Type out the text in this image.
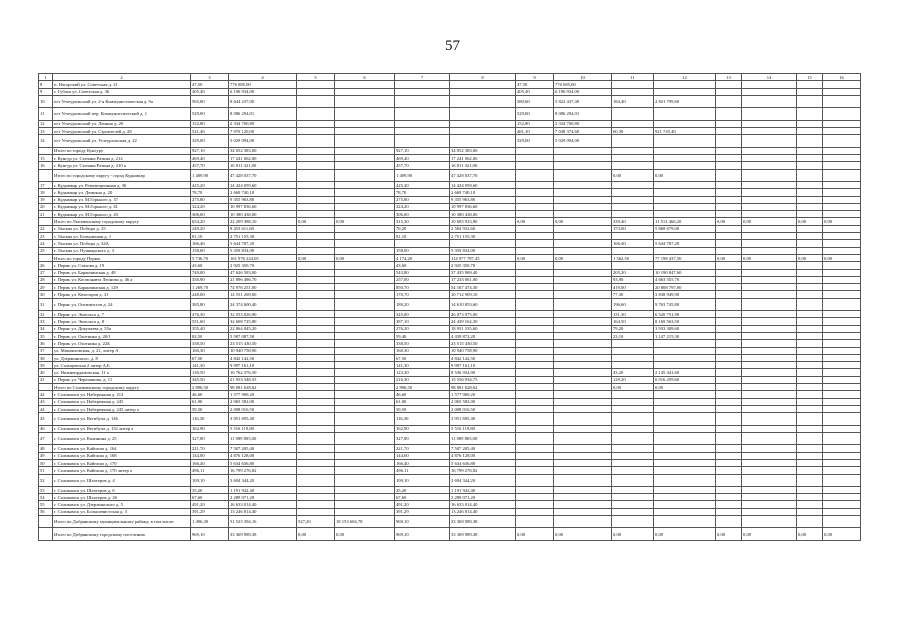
57
1	2	3	4	5	6	7	8	9	10	11	12	13	14	15	16
8	п. Нагорский ул. Советская д. 21	47,50	776 085,00					47,50	776 085,00						
9	г. Губаха ул. Советская д. 36	405,40	6 196 934,00					405,40	6 196 934,00						
10	пгт Углеуральский ул. 2-я Коммунистическая д. 9а	565,80	8 644 237,00					380,60	5 822 437,40	184,40	2 821 799,60				
11	пгт Углеуральский пер. Коммунистический д. 1	529,00	8 086 294,01					529,00	8 086 294,01						
12	пгт Углеуральский ул. Ленина д. 20	152,80	2 334 700,80					152,80	2 334 700,80						
13	пгт Углеуральский ул. Строителей д. 28	521,40	7 970 120,00					461,10	7 048 374,60	60,30	921 745,40				
14	пгт Углеуральский ул. Углеуральская д. 22	329,00	5 029 094,00					329,00	5 029 094,00						
	Итого по городу Кунгуру	927,10	34 052 383,00			927,10	34 052 383,00								
15	г. Кунгур ул. Степана Разина д. 212	469,40	17 241 062,00			469,40	17 241 062,00								
16	г. Кунгур ул. Степана Разина д. 210 а	457,70	16 811 321,00			457,70	16 811 321,00								
	Итого по городскому округу - город Кудымкар	1 409,90	47 428 037,70			1 409,90	47 428 037,70			0,00	0,00				
17	г. Кудымкар ул. Революционная д. 36	425,20	14 424 059,60			425,20	14 424 059,60								
18	г. Кудымкар ул. Демьяна д. 20	78,70	2 669 740,10			78,70	2 669 740,10								
19	г. Кудымкар ул. М.Горького д. 37	275,80	9 355 963,80			275,80	9 355 963,80								
20	г. Кудымкар ул. М.Горького д. 41	324,20	10 997 836,60			324,20	10 997 836,60								
21	г. Кудымкар ул. М.Горького д. 43	306,00	10 380 438,00			306,00	10 380 438,00								
	Итого по Лысьвенскому городскому округу	654,20	22 209 388,10	0,00	0,00	315,30	10 695 923,90	0,00	0,00	339,40	11 513 466,20	0,00	0,00	0,00	0,00
22	г. Лысьва ул. Победы д. 35	249,20	8 453 611,60			76,20	2 584 932,60			173,00	5 868 679,00				
23	г. Лысьва ул. Больничная д. 1	81,10	2 751 155,30			81,10	2 751 155,30								
24	г. Лысьва ул. Победы д. 34А	166,40	5 644 787,20							166,40	5 644 787,20				
25	г. Лысьва ул. Пушкарского д. 3	158,00	5 359 834,00			158,00	5 359 834,00								
	Итого по городу Перми	5 736,70	161 976 224,05	0,00	0,00	4 174,20	114 977 787,45	0,00	0,00	1 562,50	77 198 437,50	0,00	0,00	0,00	0,00
26	г. Пермь ул. Стахова д. 19	43,60	2 925 350,70			43,60	2 925 350,70								
27	г. Пермь ул. Баранчинская д. 48	749,00	47 626 583,00			543,80	37 435 969,40			205,20	10 190 847,60				
28	г. Пермь ул. Космонавта Леонова д. 46 а	350,90	21 896 486,70			257,00	17 233 061,00			93,90	4 663 355,70				
29	г. Пермь ул. Баранчинская д. 129	1 269,70	74 976 251,00			850,70	54 167 474,30			419,00	20 808 797,00				
30	г. Пермь ул. Кочегаров д. 31	248,00	14 551 269,00			170,70	10 712 909,10			77,30	3 838 949,90				
31	г. Пермь ул. Оптимистов д. 24	385,80	24 374 600,40			189,20	14 610 853,60			196,60	9 763 745,80				
32	г. Пермь ул. Энгельса д. 7	476,30	32 553 826,90			345,00	26 073 075,00			131,30	6 520 751,90				
33	г. Пермь ул. Энгельса д. 8	551,60	32 608 725,80			387,10	24 439 162,30			164,50	8 169 563,50				
34	г. Пермь ул. Докучаева д. 55а	355,40	22 864 845,20			276,20	18 931 535,60			79,20	3 933 309,60				
35	г. Пермь ул. Охотника д. 20/1	82,50	5 587 087,50			59,40	4 439 872,20			23,10	1 147 215,30				
36	г. Пермь ул. Охотника д. 22Б	338,50	23 515 430,50			338,50	23 515 430,50								
37	ул. Мамонтовская, д. 21, литер А	160,30	10 940 758,90			160,30	10 940 758,90								
38	ул. Дзержинского, д. 8	67,50	4 842 142,50			67,50	4 842 142,50								
39	ул. Солнцевская 2 литер А,Б	141,30	9 997 161,10			141,30	9 997 161,10								
40	ул. Нижнеирдамовская, 11 а	130,50	10 762 376,50			123,30	8 536 934,90			43,20	2 145 441,60				
41	г. Пермь ул. Черепанова, д. 11	345,50	21 953 348,55			216,30	15 556 934,75			129,20	6 016 459,60				
	Итого по Соликамскому городскому округу	2 896,50	98 081 628,62			2 896,50	98 081 628,62			0,00	0,00				
42	г. Соликамск ул. Набережная д. 212	46,60	1 577 969,20			46,60	1 577 969,20								
43	г. Соликамск ул. Набережная д. 245	61,00	2 065 582,00			61,00	2 065 582,00								
44	г. Соликамск ул. Набережная д. 245 литер а	59,50	2 008 016,50			59,50	2 008 016,50								
45	г. Соликамск ул. Вегибуча д. 146	116,30	3 951 695,40			116,30	3 951 695,40								
46	г. Соликамск ул. Вегибуча д. 152 литер а	162,90	5 516 119,80			162,90	5 516 119,80								
47	г. Соликамск ул. Калинина д. 25	327,80	11 089 805,00			327,80	11 089 805,00								
48	г. Соликамск ул. Кайгаша д. 164	221,70	7 507 205,40			221,70	7 507 205,40								
49	г. Соликамск ул. Кайгаша д. 168	144,00	4 876 128,00			144,00	4 876 128,00								
50	г. Соликамск ул. Кайгаша д. 170	166,40	5 634 636,80			166,40	5 634 636,80								
51	г. Соликамск ул. Кайгаша д. 170 литер а	496,11	16 799 276,82			496,11	16 799 276,82								
52	г. Соликамск ул. Шахтеров д. 4	109,10	3 694 344,20			109,10	3 694 344,20								
53	г. Соликамск ул. Шахтеров д. 6	35,20	1 191 942,40			35,20	1 191 942,40								
54	г. Соликамск ул. Шахтеров д. 26	67,60	2 289 071,20			67,60	2 289 071,20								
55	г. Соликамск ул. Дзержинского д. 5	491,20	16 633 014,40			491,20	16 633 014,40								
56	г. Соликамск ул. Большевистская д. 3	391,29	13 246 814,40			391,29	13 246 814,40								
	Итого по Добрянскому муниципальному району, в том числе:	1 496,30	51 523 394,16	527,20	18 153 604,78	969,10	33 369 989,38								
	Итого по Добрянскому городскому поселению	969,10	33 369 989,38	0,00	0,00	969,10	33 369 989,38	0,00	0,00	0,00	0,00	0,00	0,00	0,00	0,00
